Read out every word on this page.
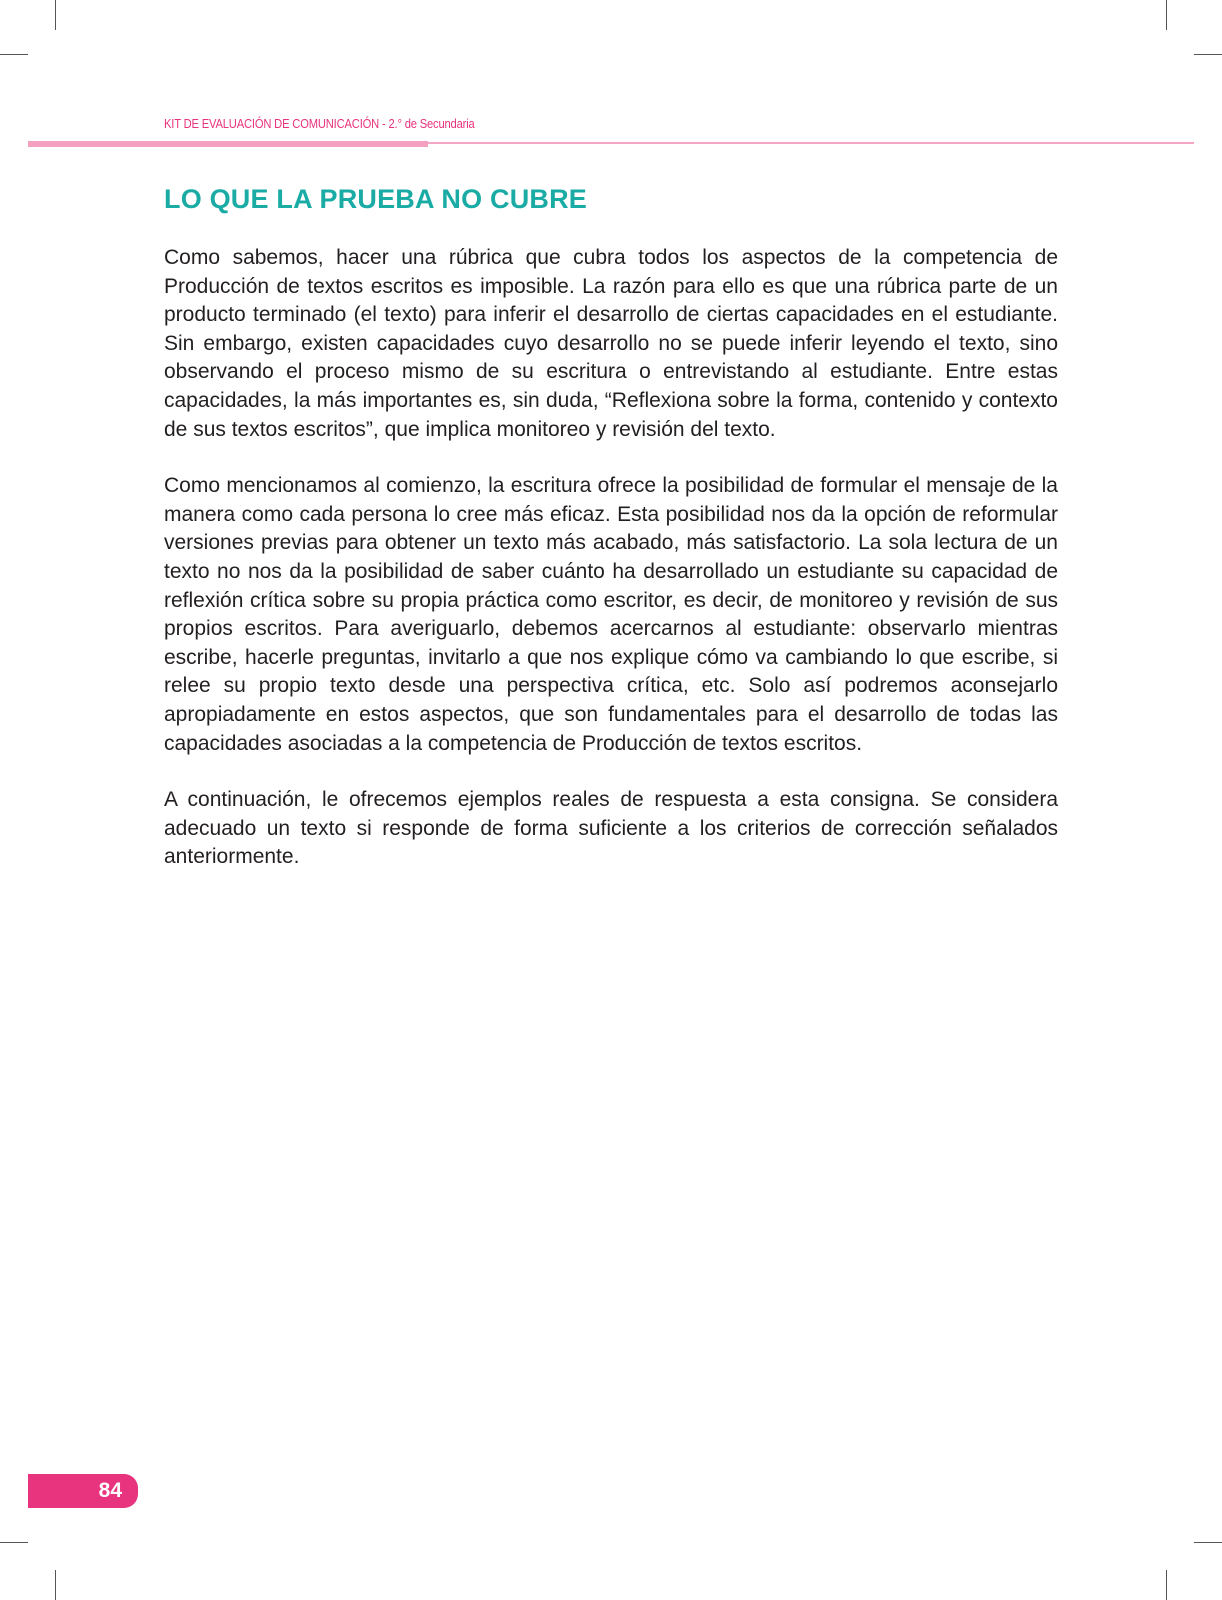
KIT DE EVALUACIÓN DE COMUNICACIÓN - 2.° de Secundaria
LO QUE LA PRUEBA NO CUBRE

Como sabemos, hacer una rúbrica que cubra todos los aspectos de la competencia de Producción de textos escritos es imposible. La razón para ello es que una rúbrica parte de un producto terminado (el texto) para inferir el desarrollo de ciertas capacidades en el estudiante. Sin embargo, existen capacidades cuyo desarrollo no se puede inferir leyendo el texto, sino observando el proceso mismo de su escritura o entrevistando al estudiante. Entre estas capacidades, la más importantes es, sin duda, “Reflexiona sobre la forma, contenido y contexto de sus textos escritos”, que implica monitoreo y revisión del texto.

Como mencionamos al comienzo, la escritura ofrece la posibilidad de formular el mensaje de la manera como cada persona lo cree más eficaz. Esta posibilidad nos da la opción de reformular versiones previas para obtener un texto más acabado, más satisfactorio. La sola lectura de un texto no nos da la posibilidad de saber cuánto ha desarrollado un estudiante su capacidad de reflexión crítica sobre su propia práctica como escritor, es decir, de monitoreo y revisión de sus propios escritos. Para averiguarlo, debemos acercarnos al estudiante: observarlo mientras escribe, hacerle preguntas, invitarlo a que nos explique cómo va cambiando lo que escribe, si relee su propio texto desde una perspectiva crítica, etc. Solo así podremos aconsejarlo apropiadamente en estos aspectos, que son fundamentales para el desarrollo de todas las capacidades asociadas a la competencia de Producción de textos escritos.

A continuación, le ofrecemos ejemplos reales de respuesta a esta consigna. Se considera adecuado un texto si responde de forma suficiente a los criterios de corrección señalados anteriormente.

84
